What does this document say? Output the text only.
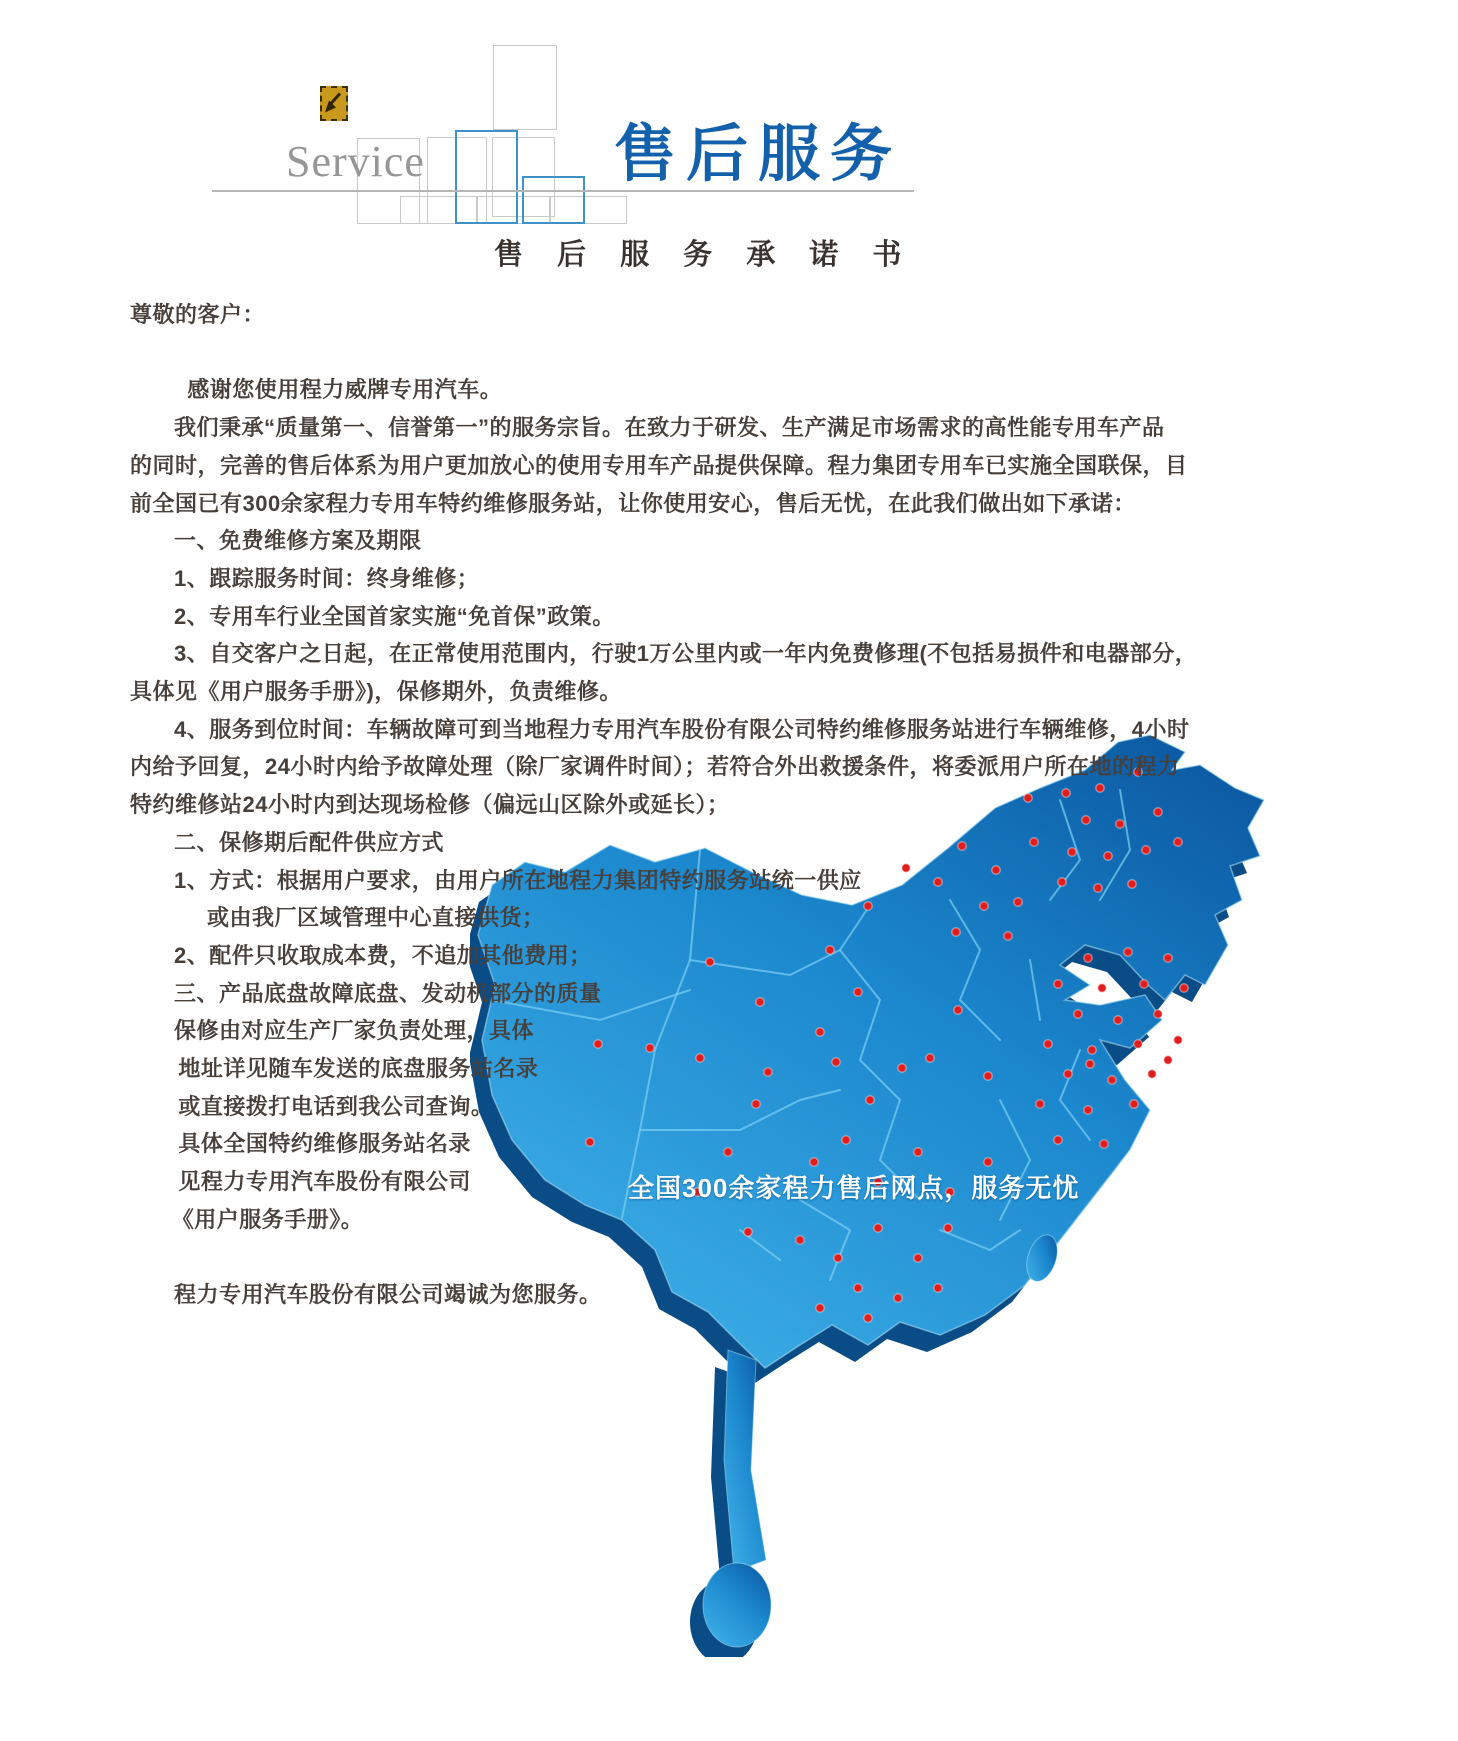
Service	售后服务
售 后 服 务 承 诺 书
尊敬的客户：

感谢您使用程力威牌专用汽车。
我们秉承“质量第一、信誉第一”的服务宗旨。在致力于研发、生产满足市场需求的高性能专用车产品
的同时，完善的售后体系为用户更加放心的使用专用车产品提供保障。程力集团专用车已实施全国联保，目
前全国已有300余家程力专用车特约维修服务站，让你使用安心，售后无忧，在此我们做出如下承诺：
一、免费维修方案及期限
1、跟踪服务时间：终身维修；
2、专用车行业全国首家实施“免首保”政策。
3、自交客户之日起，在正常使用范围内，行驶1万公里内或一年内免费修理(不包括易损件和电器部分，
具体见《用户服务手册》)，保修期外，负责维修。
4、服务到位时间：车辆故障可到当地程力专用汽车股份有限公司特约维修服务站进行车辆维修，4小时
内给予回复，24小时内给予故障处理（除厂家调件时间）；若符合外出救援条件，将委派用户所在地的程力
特约维修站24小时内到达现场检修（偏远山区除外或延长）；
二、保修期后配件供应方式
1、方式：根据用户要求，由用户所在地程力集团特约服务站统一供应
或由我厂区域管理中心直接供货；
2、配件只收取成本费，不追加其他费用；
三、产品底盘故障底盘、发动机部分的质量
保修由对应生产厂家负责处理，具体
地址详见随车发送的底盘服务站名录
或直接拨打电话到我公司查询。
具体全国特约维修服务站名录
见程力专用汽车股份有限公司
《用户服务手册》。

程力专用汽车股份有限公司竭诚为您服务。
全国300余家程力售后网点，服务无忧
